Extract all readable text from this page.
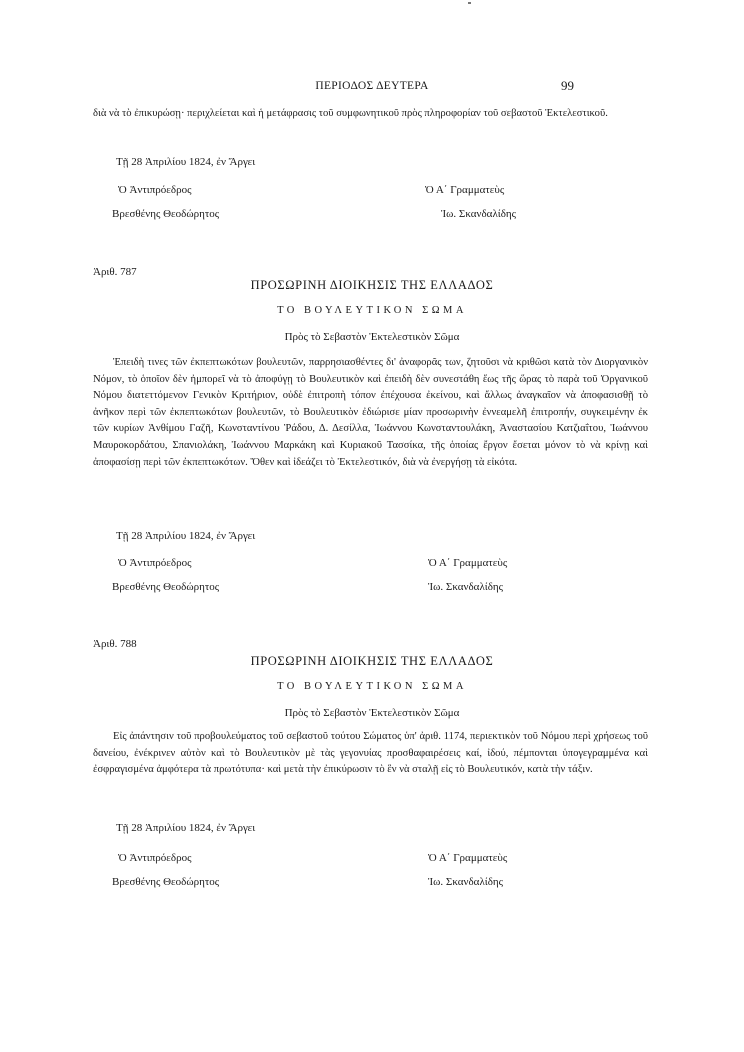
ΠΕΡΙΟΔΟΣ ΔΕΥΤΕΡΑ	99
διὰ νὰ τὸ ἐπικυρώσῃ· περιχλείεται καὶ ἡ μετάφρασις τοῦ συμφωνητικοῦ πρὸς πληροφορίαν τοῦ σεβαστοῦ Ἐκτελεστικοῦ.
Τῇ 28 Ἀπριλίου 1824, ἐν Ἄργει
Ὁ Ἀντιπρόεδρος
Βρεσθένης Θεοδώρητος
Ὁ Α΄ Γραμματεὺς
Ἰω. Σκανδαλίδης
Ἀριθ. 787
ΠΡΟΣΩΡΙΝΗ ΔΙΟΙΚΗΣΙΣ ΤΗΣ ΕΛΛΑΔΟΣ
ΤΟ ΒΟΥΛΕΥΤΙΚΟΝ ΣΩΜΑ
Πρὸς τὸ Σεβαστὸν Ἐκτελεστικὸν Σῶμα
Ἐπειδὴ τινες τῶν ἐκπεπτωκότων βουλευτῶν, παρρησιασθέντες δι' ἀναφορᾶς των, ζητοῦσι νὰ κριθῶσι κατὰ τὸν Διοργανικὸν Νόμον, τὸ ὁποῖον δὲν ἠμπορεῖ νὰ τὸ ἀποφύγῃ τὸ Βουλευτικὸν καὶ ἐπειδὴ δὲν συνεστάθη ἕως τῆς ὥρας τὸ παρὰ τοῦ Ὀργανικοῦ Νόμου διατεττόμενον Γενικὸν Κριτήριον, οὐδὲ ἐπιτροπὴ τόπον ἐπέχουσα ἐκείνου, καὶ ἄλλως ἀναγκαῖον νὰ ἀποφασισθῇ τὸ ἀνῆκον περὶ τῶν ἐκπεπτωκότων βουλευτῶν, τὸ Βουλευτικὸν ἐδιώρισε μίαν προσωρινὴν ἐννεαμελῆ ἐπιτροπήν, συγκειμένην ἐκ τῶν κυρίων Ἀνθίμου Γαζῆ, Κωνσταντίνου Ῥάδου, Δ. Δεσίλλα, Ἰωάννου Κωνσταντουλάκη, Ἀναστασίου Κατζιαΐτου, Ἰωάννου Μαυροκορδάτου, Σπανιολάκη, Ἰωάννου Μαρκάκη καὶ Κυριακοῦ Τασσίκα, τῆς ὁποίας ἔργον ἔσεται μόνον τὸ νὰ κρίνῃ καὶ ἀποφασίσῃ περὶ τῶν ἐκπεπτωκότων. Ὅθεν καὶ ἰδεάζει τὸ Ἐκτελεστικόν, διὰ νὰ ἐνεργήσῃ τὰ εἰκότα.
Τῇ 28 Ἀπριλίου 1824, ἐν Ἄργει
Ὁ Ἀντιπρόεδρος
Βρεσθένης Θεοδώρητος
Ὁ Α΄ Γραμματεὺς
Ἰω. Σκανδαλίδης
Ἀριθ. 788
ΠΡΟΣΩΡΙΝΗ ΔΙΟΙΚΗΣΙΣ ΤΗΣ ΕΛΛΑΔΟΣ
ΤΟ ΒΟΥΛΕΥΤΙΚΟΝ ΣΩΜΑ
Πρὸς τὸ Σεβαστὸν Ἐκτελεστικὸν Σῶμα
Εἰς ἀπάντησιν τοῦ προβουλεύματος τοῦ σεβαστοῦ τούτου Σώματος ὑπ' ἀριθ. 1174, περιεκτικὸν τοῦ Νόμου περὶ χρήσεως τοῦ δανείου, ἐνέκρινεν αὐτὸν καὶ τὸ Βουλευτικὸν μὲ τὰς γεγονυίας προσθαφαιρέσεις καί, ἰδού, πέμπονται ὑπογεγραμμένα καὶ ἐσφραγισμένα ἀμφότερα τὰ πρωτότυπα· καὶ μετὰ τὴν ἐπικύρωσιν τὸ ἓν νὰ σταλῇ εἰς τὸ Βουλευτικόν, κατὰ τὴν τάξιν.
Τῇ 28 Ἀπριλίου 1824, ἐν Ἄργει
Ὁ Ἀντιπρόεδρος
Βρεσθένης Θεοδώρητος
Ὁ Α΄ Γραμματεὺς
Ἰω. Σκανδαλίδης
